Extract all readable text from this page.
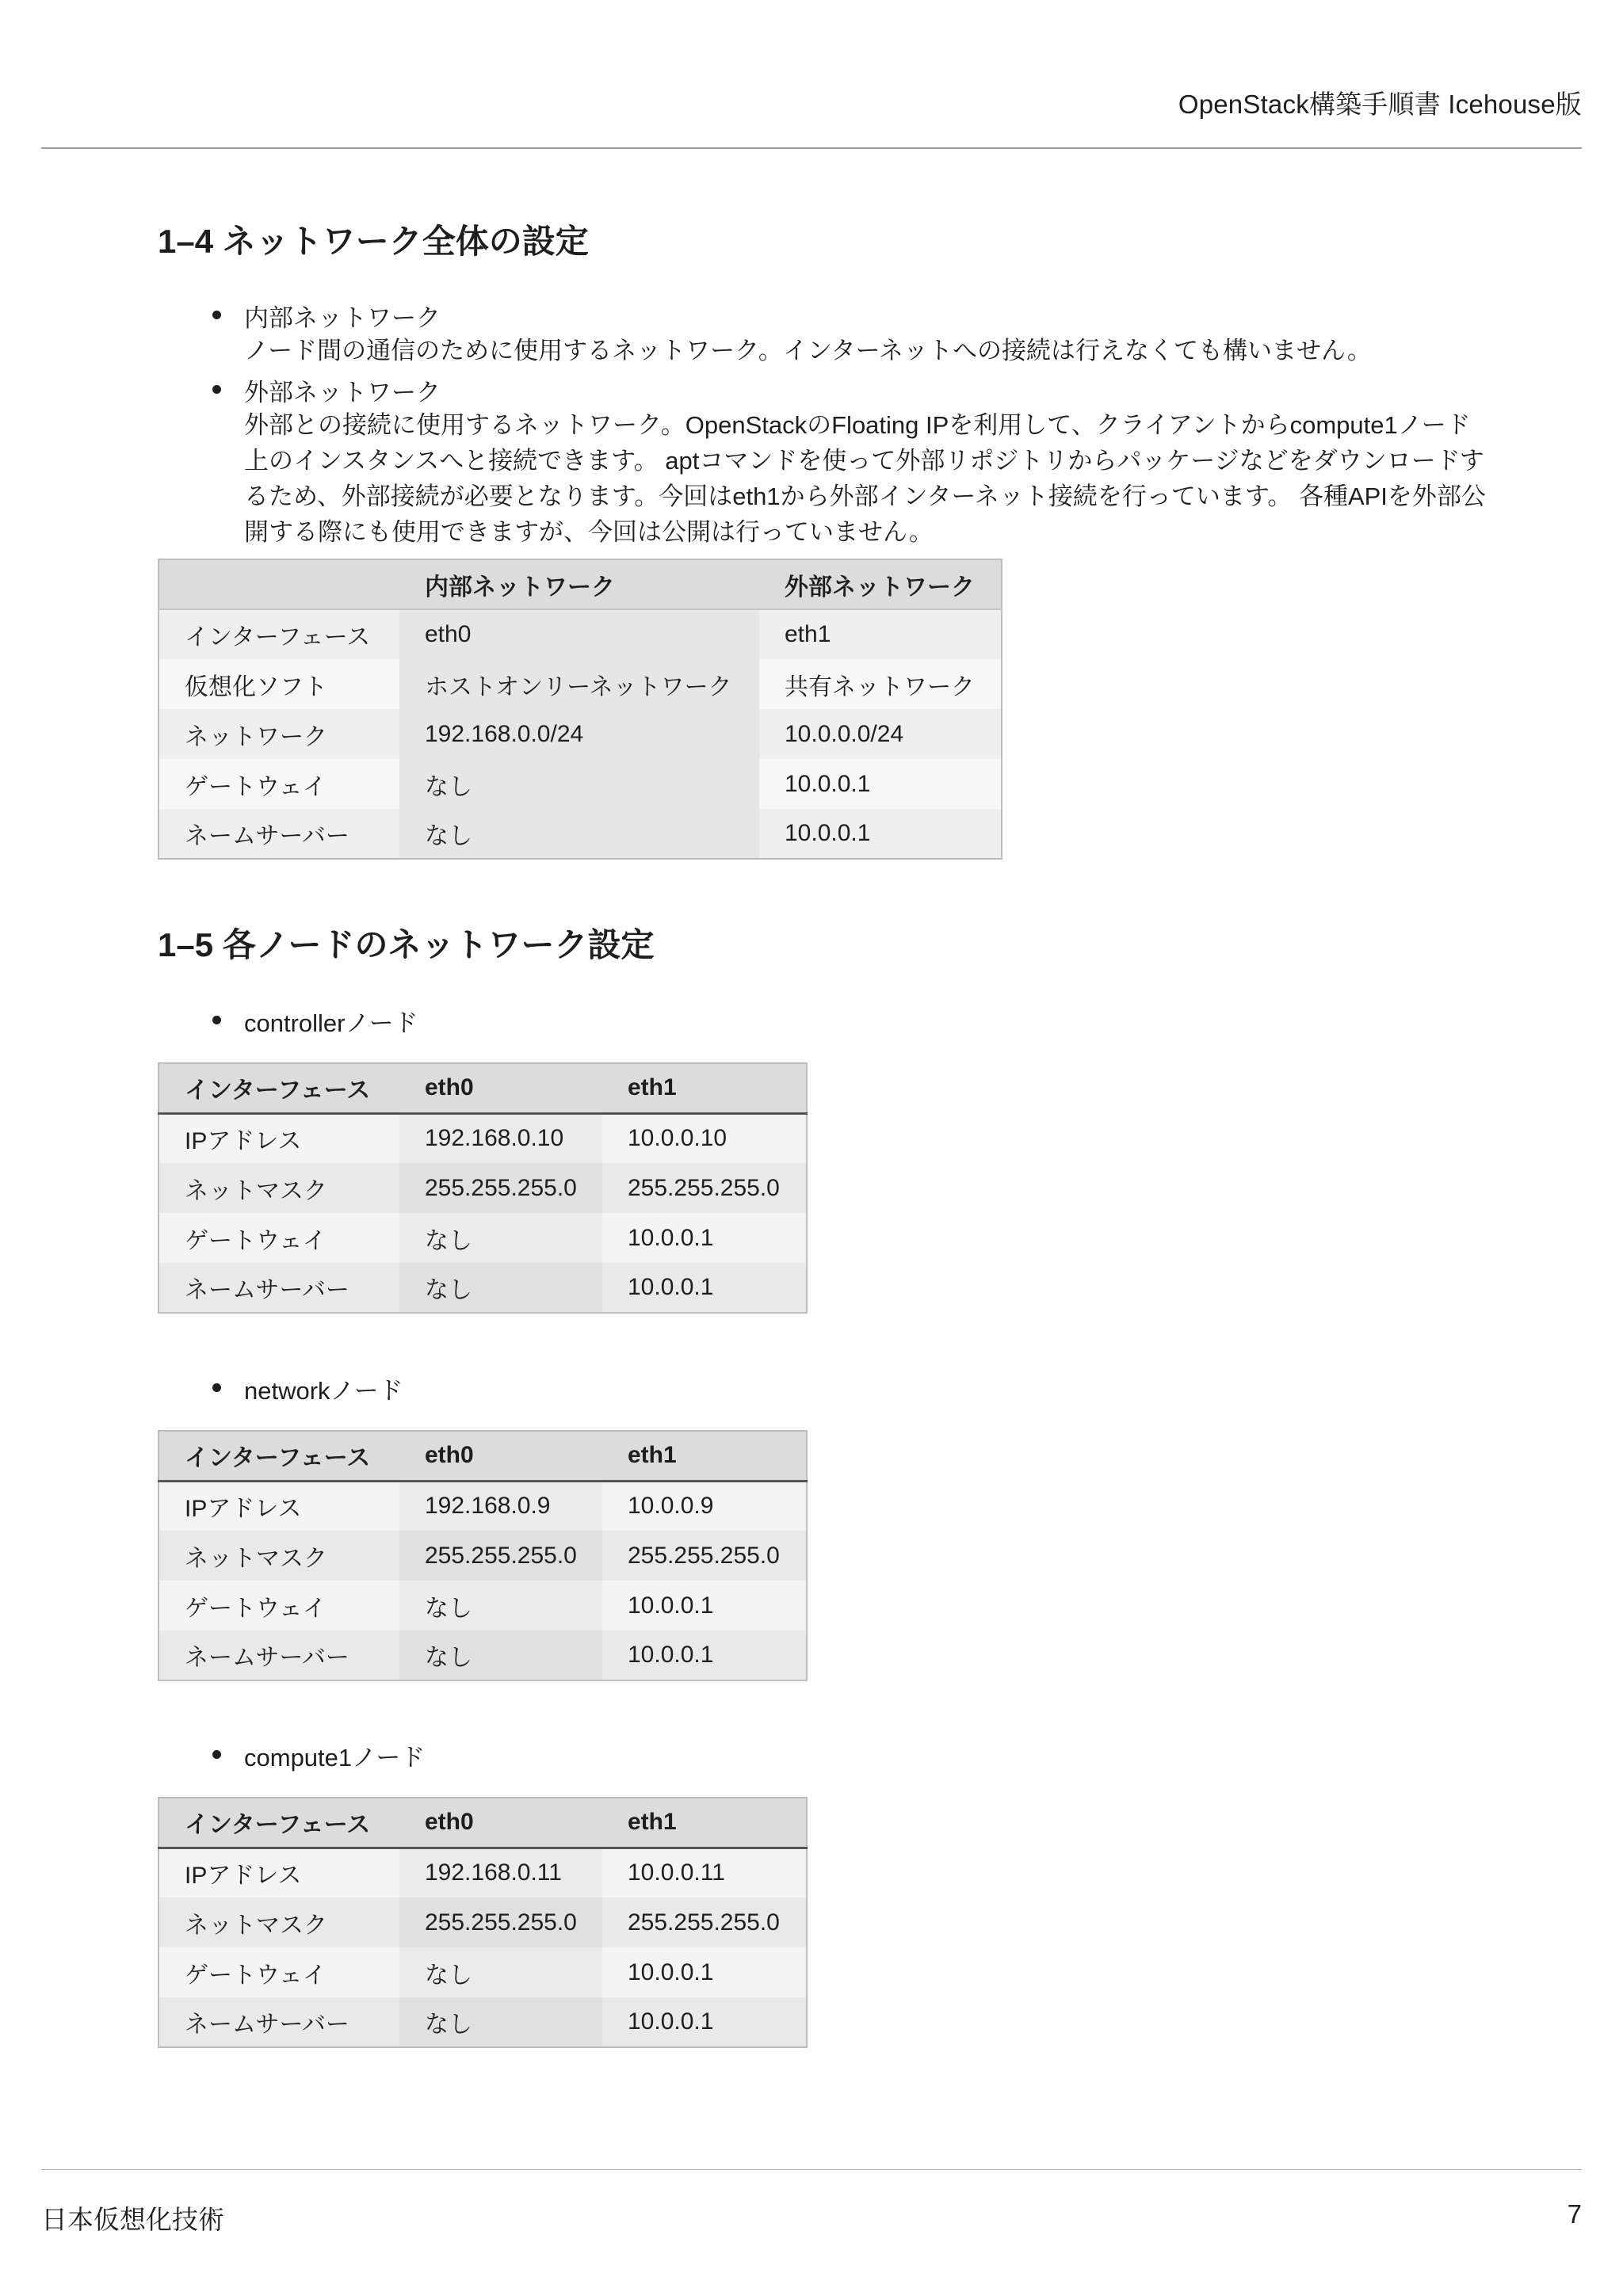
OpenStack構築手順書 Icehouse版
1–4 ネットワーク全体の設定
内部ネットワーク
ノード間の通信のために使用するネットワーク。インターネットへの接続は行えなくても構いません。
外部ネットワーク
外部との接続に使用するネットワーク。OpenStackのFloating IPを利用して、クライアントからcompute1ノード上のインスタンスへと接続できます。 aptコマンドを使って外部リポジトリからパッケージなどをダウンロードするため、外部接続が必要となります。今回はeth1から外部インターネット接続を行っています。 各種APIを外部公開する際にも使用できますが、今回は公開は行っていません。
	内部ネットワーク	外部ネットワーク
インターフェース	eth0	eth1
仮想化ソフト	ホストオンリーネットワーク	共有ネットワーク
ネットワーク	192.168.0.0/24	10.0.0.0/24
ゲートウェイ	なし	10.0.0.1
ネームサーバー	なし	10.0.0.1
1–5 各ノードのネットワーク設定
controllerノード
インターフェース	eth0	eth1
IPアドレス	192.168.0.10	10.0.0.10
ネットマスク	255.255.255.0	255.255.255.0
ゲートウェイ	なし	10.0.0.1
ネームサーバー	なし	10.0.0.1
networkノード
インターフェース	eth0	eth1
IPアドレス	192.168.0.9	10.0.0.9
ネットマスク	255.255.255.0	255.255.255.0
ゲートウェイ	なし	10.0.0.1
ネームサーバー	なし	10.0.0.1
compute1ノード
インターフェース	eth0	eth1
IPアドレス	192.168.0.11	10.0.0.11
ネットマスク	255.255.255.0	255.255.255.0
ゲートウェイ	なし	10.0.0.1
ネームサーバー	なし	10.0.0.1
日本仮想化技術	7
